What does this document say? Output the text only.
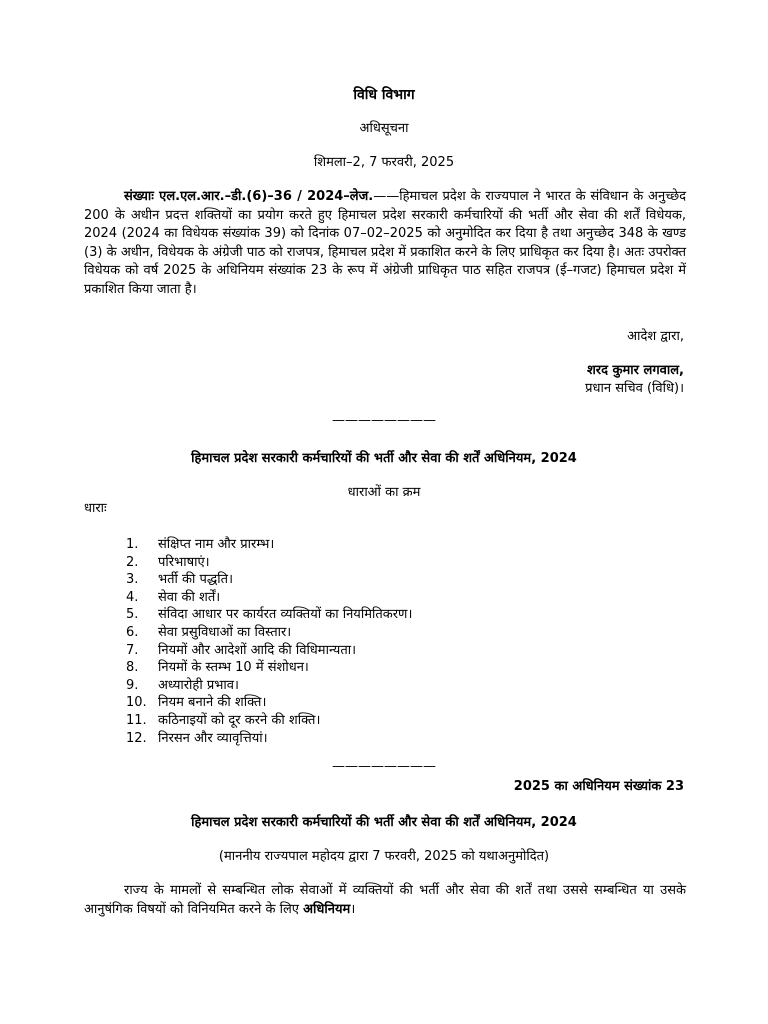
विधि विभाग
अधिसूचना
शिमला–2, 7 फरवरी, 2025

संख्याः एल.एल.आर.–डी.(6)–36 / 2024–लेज.——हिमाचल प्रदेश के राज्यपाल ने भारत के संविधान के अनुच्छेद 200 के अधीन प्रदत्त शक्तियों का प्रयोग करते हुए हिमाचल प्रदेश सरकारी कर्मचारियों की भर्ती और सेवा की शर्तें विधेयक, 2024 (2024 का विधेयक संख्यांक 39) को दिनांक 07–02–2025 को अनुमोदित कर दिया है तथा अनुच्छेद 348 के खण्ड (3) के अधीन, विधेयक के अंग्रेजी पाठ को राजपत्र, हिमाचल प्रदेश में प्रकाशित करने के लिए प्राधिकृत कर दिया है। अतः उपरोक्त विधेयक को वर्ष 2025 के अधिनियम संख्यांक 23 के रूप में अंग्रेजी प्राधिकृत पाठ सहित राजपत्र (ई–गजट) हिमाचल प्रदेश में प्रकाशित किया जाता है।

आदेश द्वारा,
शरद कुमार लगवाल,
प्रधान सचिव (विधि)।
————————
हिमाचल प्रदेश सरकारी कर्मचारियों की भर्ती और सेवा की शर्तें अधिनियम, 2024
धाराओं का क्रम
धाराः
1. संक्षिप्त नाम और प्रारम्भ।
2. परिभाषाएं।
3. भर्ती की पद्धति।
4. सेवा की शर्तें।
5. संविदा आधार पर कार्यरत व्यक्तियों का नियमितिकरण।
6. सेवा प्रसुविधाओं का विस्तार।
7. नियमों और आदेशों आदि की विधिमान्यता।
8. नियमों के स्तम्भ 10 में संशोधन।
9. अध्यारोही प्रभाव।
10. नियम बनाने की शक्ति।
11. कठिनाइयों को दूर करने की शक्ति।
12. निरसन और व्यावृत्तियां।
————————
2025 का अधिनियम संख्यांक 23
हिमाचल प्रदेश सरकारी कर्मचारियों की भर्ती और सेवा की शर्तें अधिनियम, 2024
(माननीय राज्यपाल महोदय द्वारा 7 फरवरी, 2025 को यथाअनुमोदित)

राज्य के मामलों से सम्बन्धित लोक सेवाओं में व्यक्तियों की भर्ती और सेवा की शर्तें तथा उससे सम्बन्धित या उसके आनुषंगिक विषयों को विनियमित करने के लिए अधिनियम।
